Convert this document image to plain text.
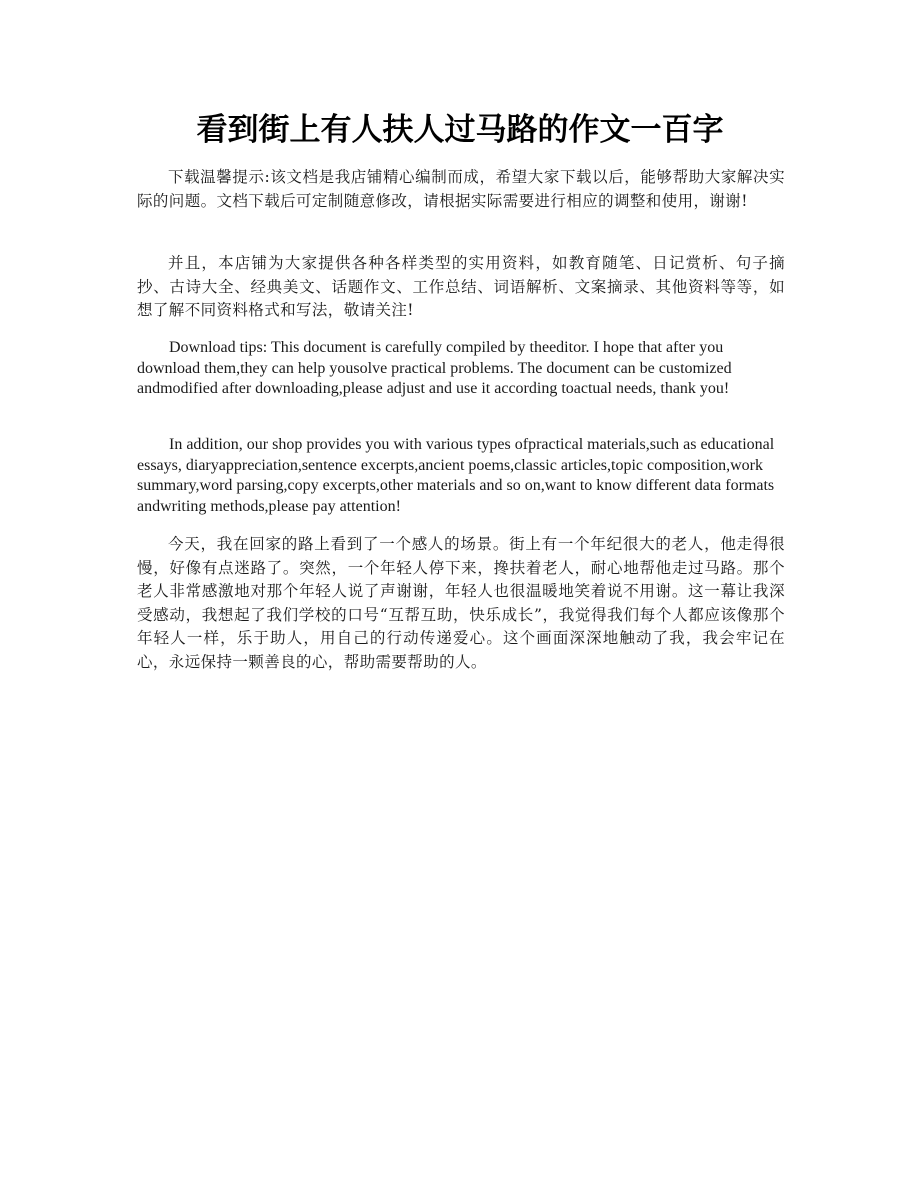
看到街上有人扶人过马路的作文一百字

下载温馨提示:该文档是我店铺精心编制而成，希望大家下载以后，能够帮助大家解决实际的问题。文档下载后可定制随意修改，请根据实际需要进行相应的调整和使用，谢谢!

并且，本店铺为大家提供各种各样类型的实用资料，如教育随笔、日记赏析、句子摘抄、古诗大全、经典美文、话题作文、工作总结、词语解析、文案摘录、其他资料等等，如想了解不同资料格式和写法，敬请关注!

Download tips: This document is carefully compiled by theeditor. I hope that after you download them,they can help yousolve practical problems. The document can be customized andmodified after downloading,please adjust and use it according toactual needs, thank you!

In addition, our shop provides you with various types ofpractical materials,such as educational essays, diaryappreciation,sentence excerpts,ancient poems,classic articles,topic composition,work summary,word parsing,copy excerpts,other materials and so on,want to know different data formats andwriting methods,please pay attention!

今天，我在回家的路上看到了一个感人的场景。街上有一个年纪很大的老人，他走得很慢，好像有点迷路了。突然，一个年轻人停下来，搀扶着老人，耐心地帮他走过马路。那个老人非常感激地对那个年轻人说了声谢谢，年轻人也很温暖地笑着说不用谢。这一幕让我深受感动，我想起了我们学校的口号“互帮互助，快乐成长”，我觉得我们每个人都应该像那个年轻人一样，乐于助人，用自己的行动传递爱心。这个画面深深地触动了我，我会牢记在心，永远保持一颗善良的心，帮助需要帮助的人。
